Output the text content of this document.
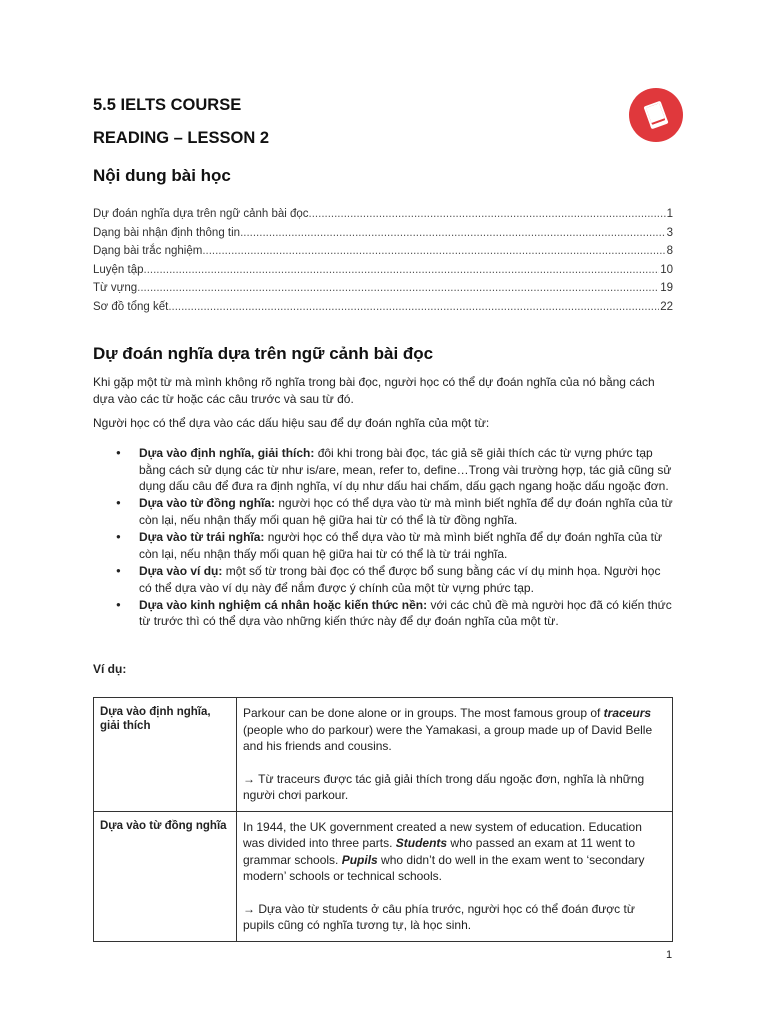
5.5 IELTS COURSE
READING – LESSON 2
Nội dung bài học
Dự đoán nghĩa dựa trên ngữ cảnh bài đọc .....	1
Dạng bài nhận định thông tin .....	3
Dạng bài trắc nghiệm .....	8
Luyện tập .....	10
Từ vựng .....	19
Sơ đồ tổng kết .....	22
Dự đoán nghĩa dựa trên ngữ cảnh bài đọc
Khi gặp một từ mà mình không rõ nghĩa trong bài đọc, người học có thể dự đoán nghĩa của nó bằng cách dựa vào các từ hoặc các câu trước và sau từ đó.
Người học có thể dựa vào các dấu hiệu sau để dự đoán nghĩa của một từ:
● Dựa vào định nghĩa, giải thích: đôi khi trong bài đọc, tác giả sẽ giải thích các từ vựng phức tạp bằng cách sử dụng các từ như is/are, mean, refer to, define…Trong vài trường hợp, tác giả cũng sử dụng dấu câu để đưa ra định nghĩa, ví dụ như dấu hai chấm, dấu gạch ngang hoặc dấu ngoặc đơn.
● Dựa vào từ đồng nghĩa: người học có thể dựa vào từ mà mình biết nghĩa để dự đoán nghĩa của từ còn lại, nếu nhận thấy mối quan hệ giữa hai từ có thể là từ đồng nghĩa.
● Dựa vào từ trái nghĩa: người học có thể dựa vào từ mà mình biết nghĩa để dự đoán nghĩa của từ còn lại, nếu nhận thấy mối quan hệ giữa hai từ có thể là từ trái nghĩa.
● Dựa vào ví dụ: một số từ trong bài đọc có thể được bổ sung bằng các ví dụ minh họa. Người học có thể dựa vào ví dụ này để nắm được ý chính của một từ vựng phức tạp.
● Dựa vào kinh nghiệm cá nhân hoặc kiến thức nền: với các chủ đề mà người học đã có kiến thức từ trước thì có thể dựa vào những kiến thức này để dự đoán nghĩa của một từ.
Ví dụ:
Dựa vào định nghĩa, giải thích	Parkour can be done alone or in groups. The most famous group of traceurs (people who do parkour) were the Yamakasi, a group made up of David Belle and his friends and cousins.
→ Từ traceurs được tác giả giải thích trong dấu ngoặc đơn, nghĩa là những người chơi parkour.

Dựa vào từ đồng nghĩa	In 1944, the UK government created a new system of education. Education was divided into three parts. Students who passed an exam at 11 went to grammar schools. Pupils who didn’t do well in the exam went to ‘secondary modern’ schools or technical schools.
→ Dựa vào từ students ở câu phía trước, người học có thể đoán được từ pupils cũng có nghĩa tương tự, là học sinh.
1
